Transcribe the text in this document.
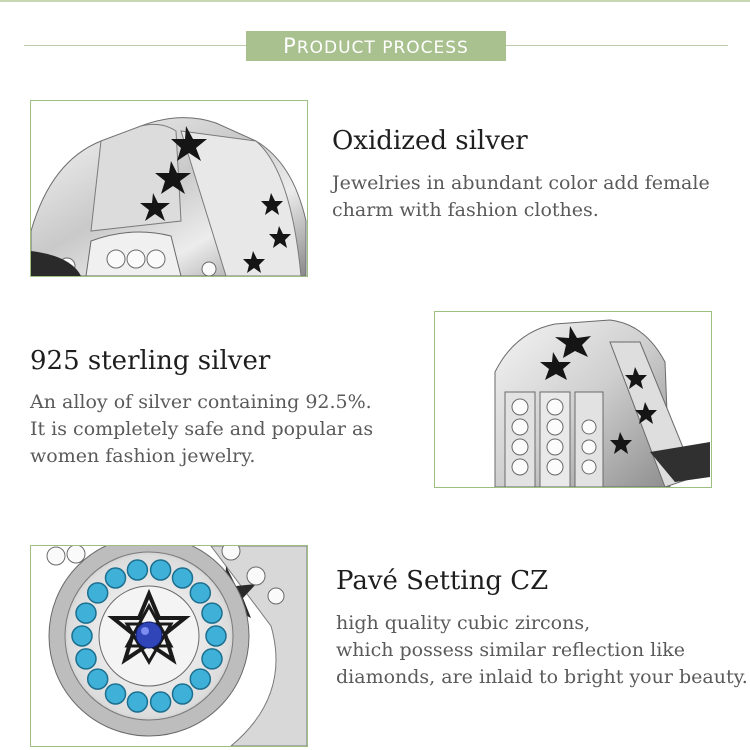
PRODUCT PROCESS
Oxidized silver
Jewelries in abundant color add female
charm with fashion clothes.
925 sterling silver
An alloy of silver containing 92.5%.
It is completely safe and popular as
women fashion jewelry.
Pavé Setting CZ
high quality cubic zircons,
which possess similar reflection like
diamonds, are inlaid to bright your beauty.
